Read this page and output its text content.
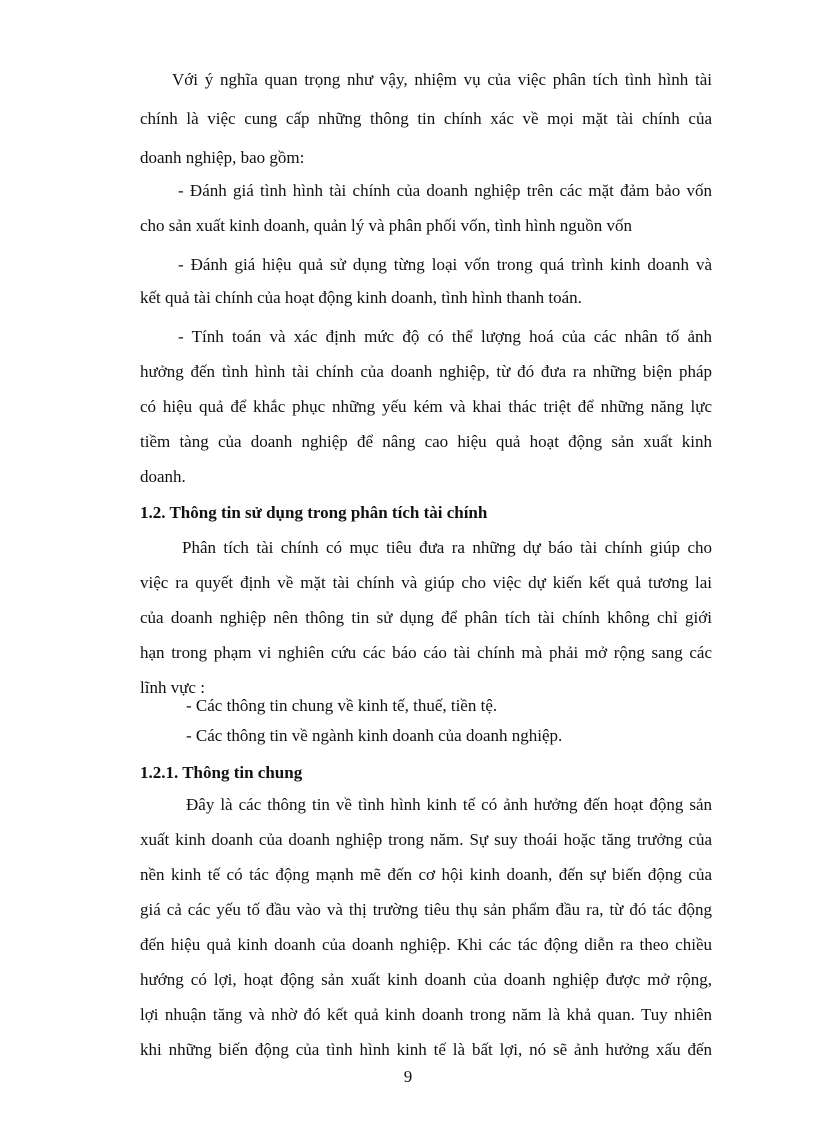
Với ý nghĩa quan trọng như vậy, nhiệm vụ của việc phân tích tình hình tài
chính là việc cung cấp những thông tin chính xác về mọi mặt tài chính của
doanh nghiệp, bao gồm:
- Đánh giá tình hình tài chính của doanh nghiệp trên các mặt đảm bảo vốn
cho sản xuất kinh doanh, quản lý và phân phối vốn, tình hình nguồn vốn
- Đánh giá hiệu quả sử dụng từng loại vốn trong quá trình kinh doanh và
kết quả tài chính của hoạt động kinh doanh, tình hình thanh toán.
- Tính toán và xác định mức độ có thể lượng hoá của các nhân tố ảnh
hưởng đến tình hình tài chính của doanh nghiệp, từ đó đưa ra những biện pháp
có hiệu quả để khắc phục những yếu kém và khai thác triệt để những năng lực
tiềm tàng của doanh nghiệp để nâng cao hiệu quả hoạt động sản xuất kinh
doanh.
1.2. Thông tin sử dụng trong phân tích tài chính
Phân tích tài chính có mục tiêu đưa ra những dự báo tài chính giúp cho
việc ra quyết định về mặt tài chính và giúp cho việc dự kiến kết quả tương lai
của doanh nghiệp nên thông tin sử dụng để phân tích tài chính không chỉ giới
hạn trong phạm vi nghiên cứu các báo cáo tài chính mà phải mở rộng sang các
lĩnh vực :
- Các thông tin chung về kinh tế, thuế, tiền tệ.
- Các thông tin về ngành kinh doanh của doanh nghiệp.
1.2.1. Thông tin chung
Đây là các thông tin về tình hình kinh tế có ảnh hưởng đến hoạt động sản
xuất kinh doanh của doanh nghiệp trong năm. Sự suy thoái hoặc tăng trưởng của
nền kinh tế có tác động mạnh mẽ đến cơ hội kinh doanh, đến sự biến động của
giá cả các yếu tố đầu vào và thị trường tiêu thụ sản phẩm đầu ra, từ đó tác động
đến hiệu quả kinh doanh của doanh nghiệp. Khi các tác động diễn ra theo chiều
hướng có lợi, hoạt động sản xuất kinh doanh của doanh nghiệp được mở rộng,
lợi nhuận tăng và nhờ đó kết quả kinh doanh trong năm là khả quan. Tuy nhiên
khi những biến động của tình hình kinh tế là bất lợi, nó sẽ ảnh hưởng xấu đến
9
